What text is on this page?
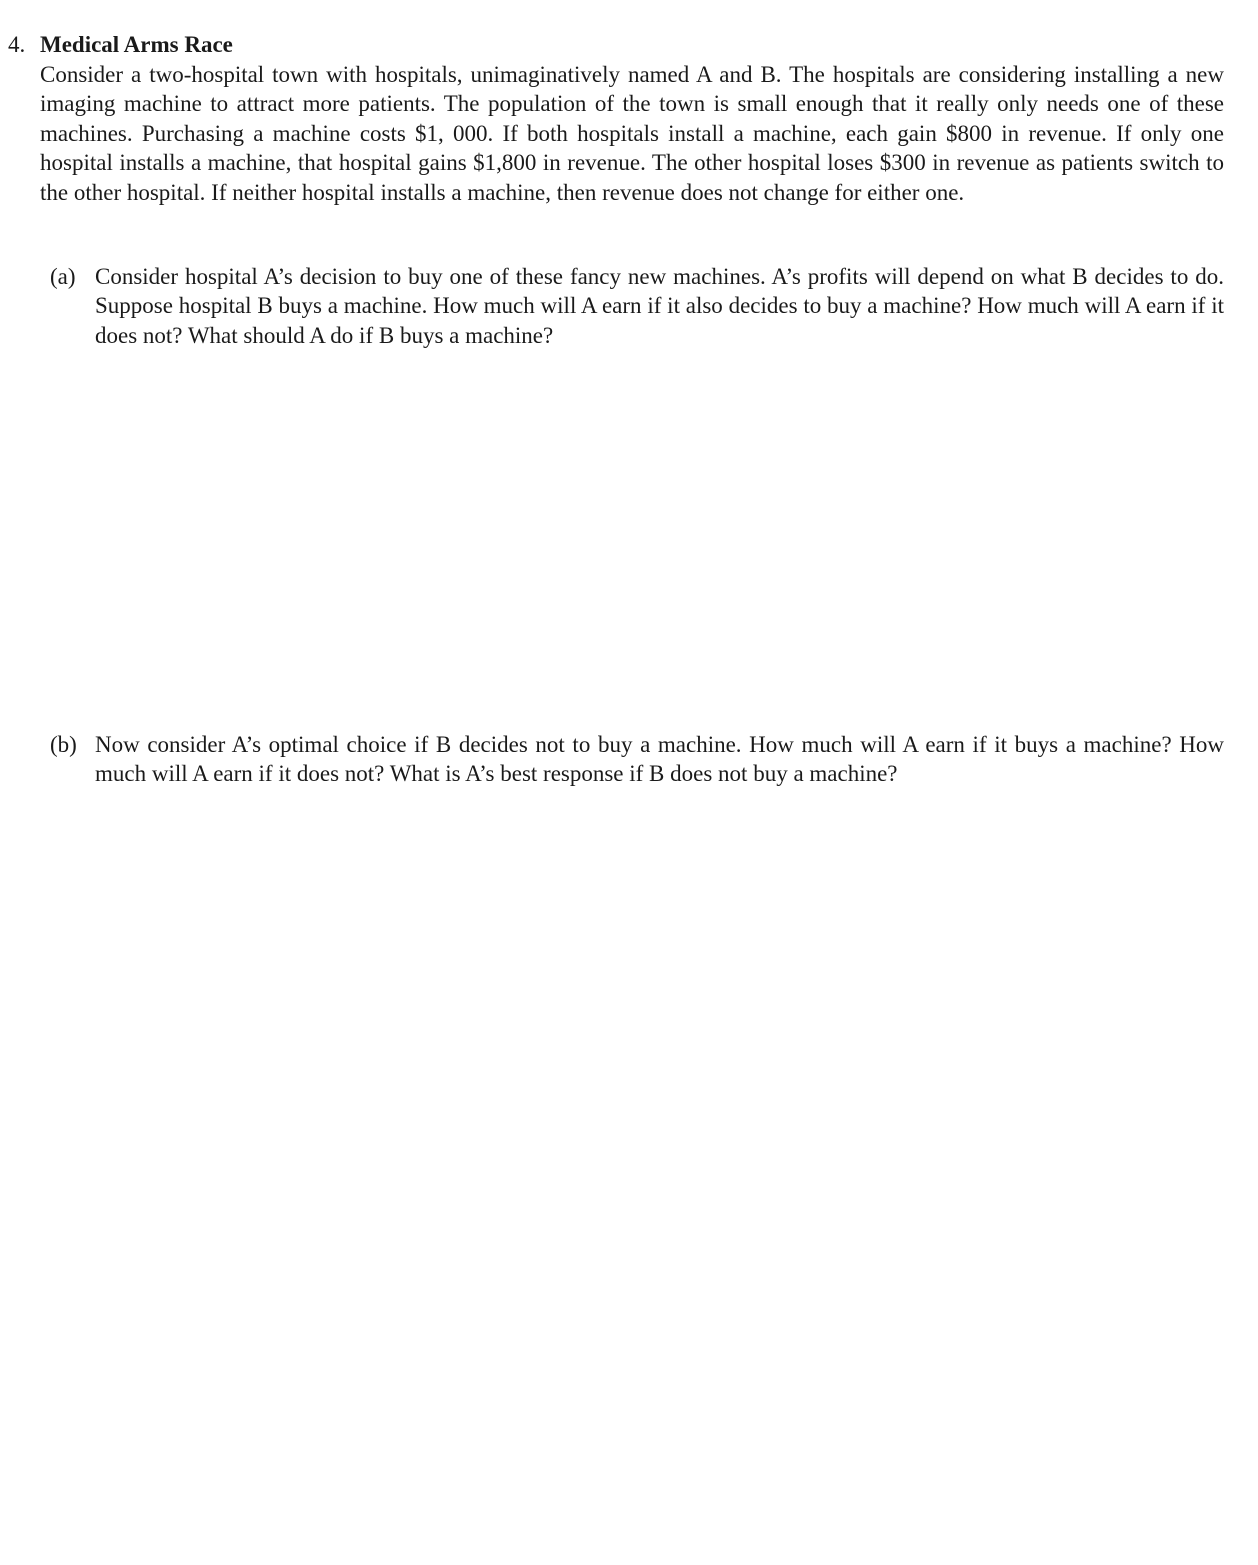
4. Medical Arms Race
Consider a two-hospital town with hospitals, unimaginatively named A and B. The hospitals are considering installing a new imaging machine to attract more patients. The population of the town is small enough that it really only needs one of these machines. Purchasing a machine costs $1, 000. If both hospitals install a machine, each gain $800 in revenue. If only one hospital installs a machine, that hospital gains $1,800 in revenue. The other hospital loses $300 in revenue as patients switch to the other hospital. If neither hospital installs a machine, then revenue does not change for either one.
(a) Consider hospital A’s decision to buy one of these fancy new machines. A’s profits will depend on what B decides to do. Suppose hospital B buys a machine. How much will A earn if it also decides to buy a machine? How much will A earn if it does not? What should A do if B buys a machine?
(b) Now consider A’s optimal choice if B decides not to buy a machine. How much will A earn if it buys a machine? How much will A earn if it does not? What is A’s best response if B does not buy a machine?
